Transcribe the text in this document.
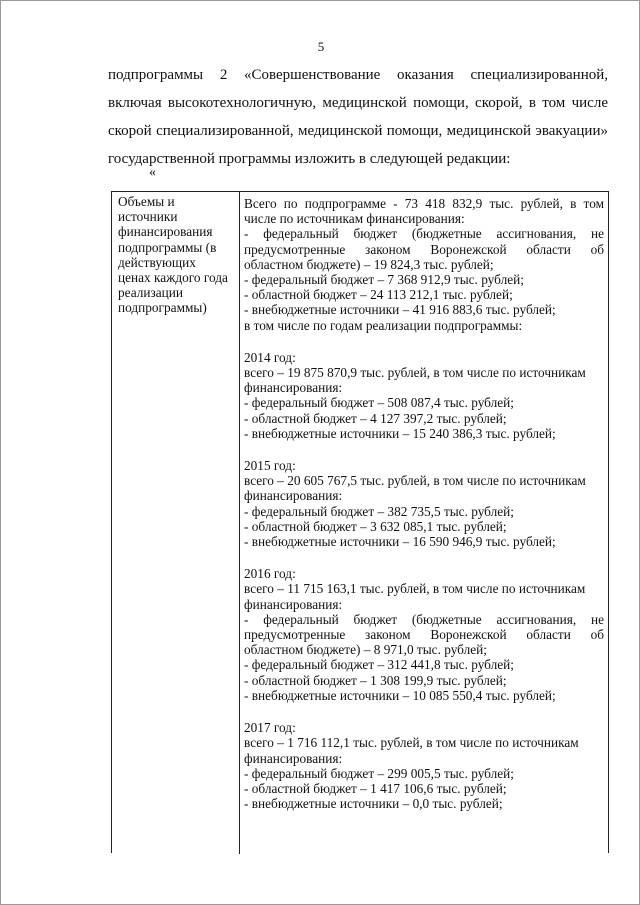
5
подпрограммы 2 «Совершенствование оказания специализированной,
включая высокотехнологичную, медицинской помощи, скорой, в том числе
скорой специализированной, медицинской помощи, медицинской эвакуации»
государственной программы изложить в следующей редакции:
«
Объемы и
источники
финансирования
подпрограммы (в
действующих
ценах каждого года
реализации
подпрограммы)
Всего по подпрограмме - 73 418 832,9 тыс. рублей, в том
числе по источникам финансирования:
- федеральный бюджет (бюджетные ассигнования, не
предусмотренные законом Воронежской области об
областном бюджете) – 19 824,3 тыс. рублей;
- федеральный бюджет – 7 368 912,9 тыс. рублей;
- областной бюджет – 24 113 212,1 тыс. рублей;
- внебюджетные источники – 41 916 883,6 тыс. рублей;
в том числе по годам реализации подпрограммы:
2014 год:
всего – 19 875 870,9 тыс. рублей, в том числе по источникам
финансирования:
- федеральный бюджет – 508 087,4 тыс. рублей;
- областной бюджет – 4 127 397,2 тыс. рублей;
- внебюджетные источники – 15 240 386,3 тыс. рублей;
2015 год:
всего – 20 605 767,5 тыс. рублей, в том числе по источникам
финансирования:
- федеральный бюджет – 382 735,5 тыс. рублей;
- областной бюджет – 3 632 085,1 тыс. рублей;
- внебюджетные источники – 16 590 946,9 тыс. рублей;
2016 год:
всего – 11 715 163,1 тыс. рублей, в том числе по источникам
финансирования:
- федеральный бюджет (бюджетные ассигнования, не
предусмотренные законом Воронежской области об
областном бюджете) – 8 971,0 тыс. рублей;
- федеральный бюджет – 312 441,8 тыс. рублей;
- областной бюджет – 1 308 199,9 тыс. рублей;
- внебюджетные источники – 10 085 550,4 тыс. рублей;
2017 год:
всего – 1 716 112,1 тыс. рублей, в том числе по источникам
финансирования:
- федеральный бюджет – 299 005,5 тыс. рублей;
- областной бюджет – 1 417 106,6 тыс. рублей;
- внебюджетные источники – 0,0 тыс. рублей;
